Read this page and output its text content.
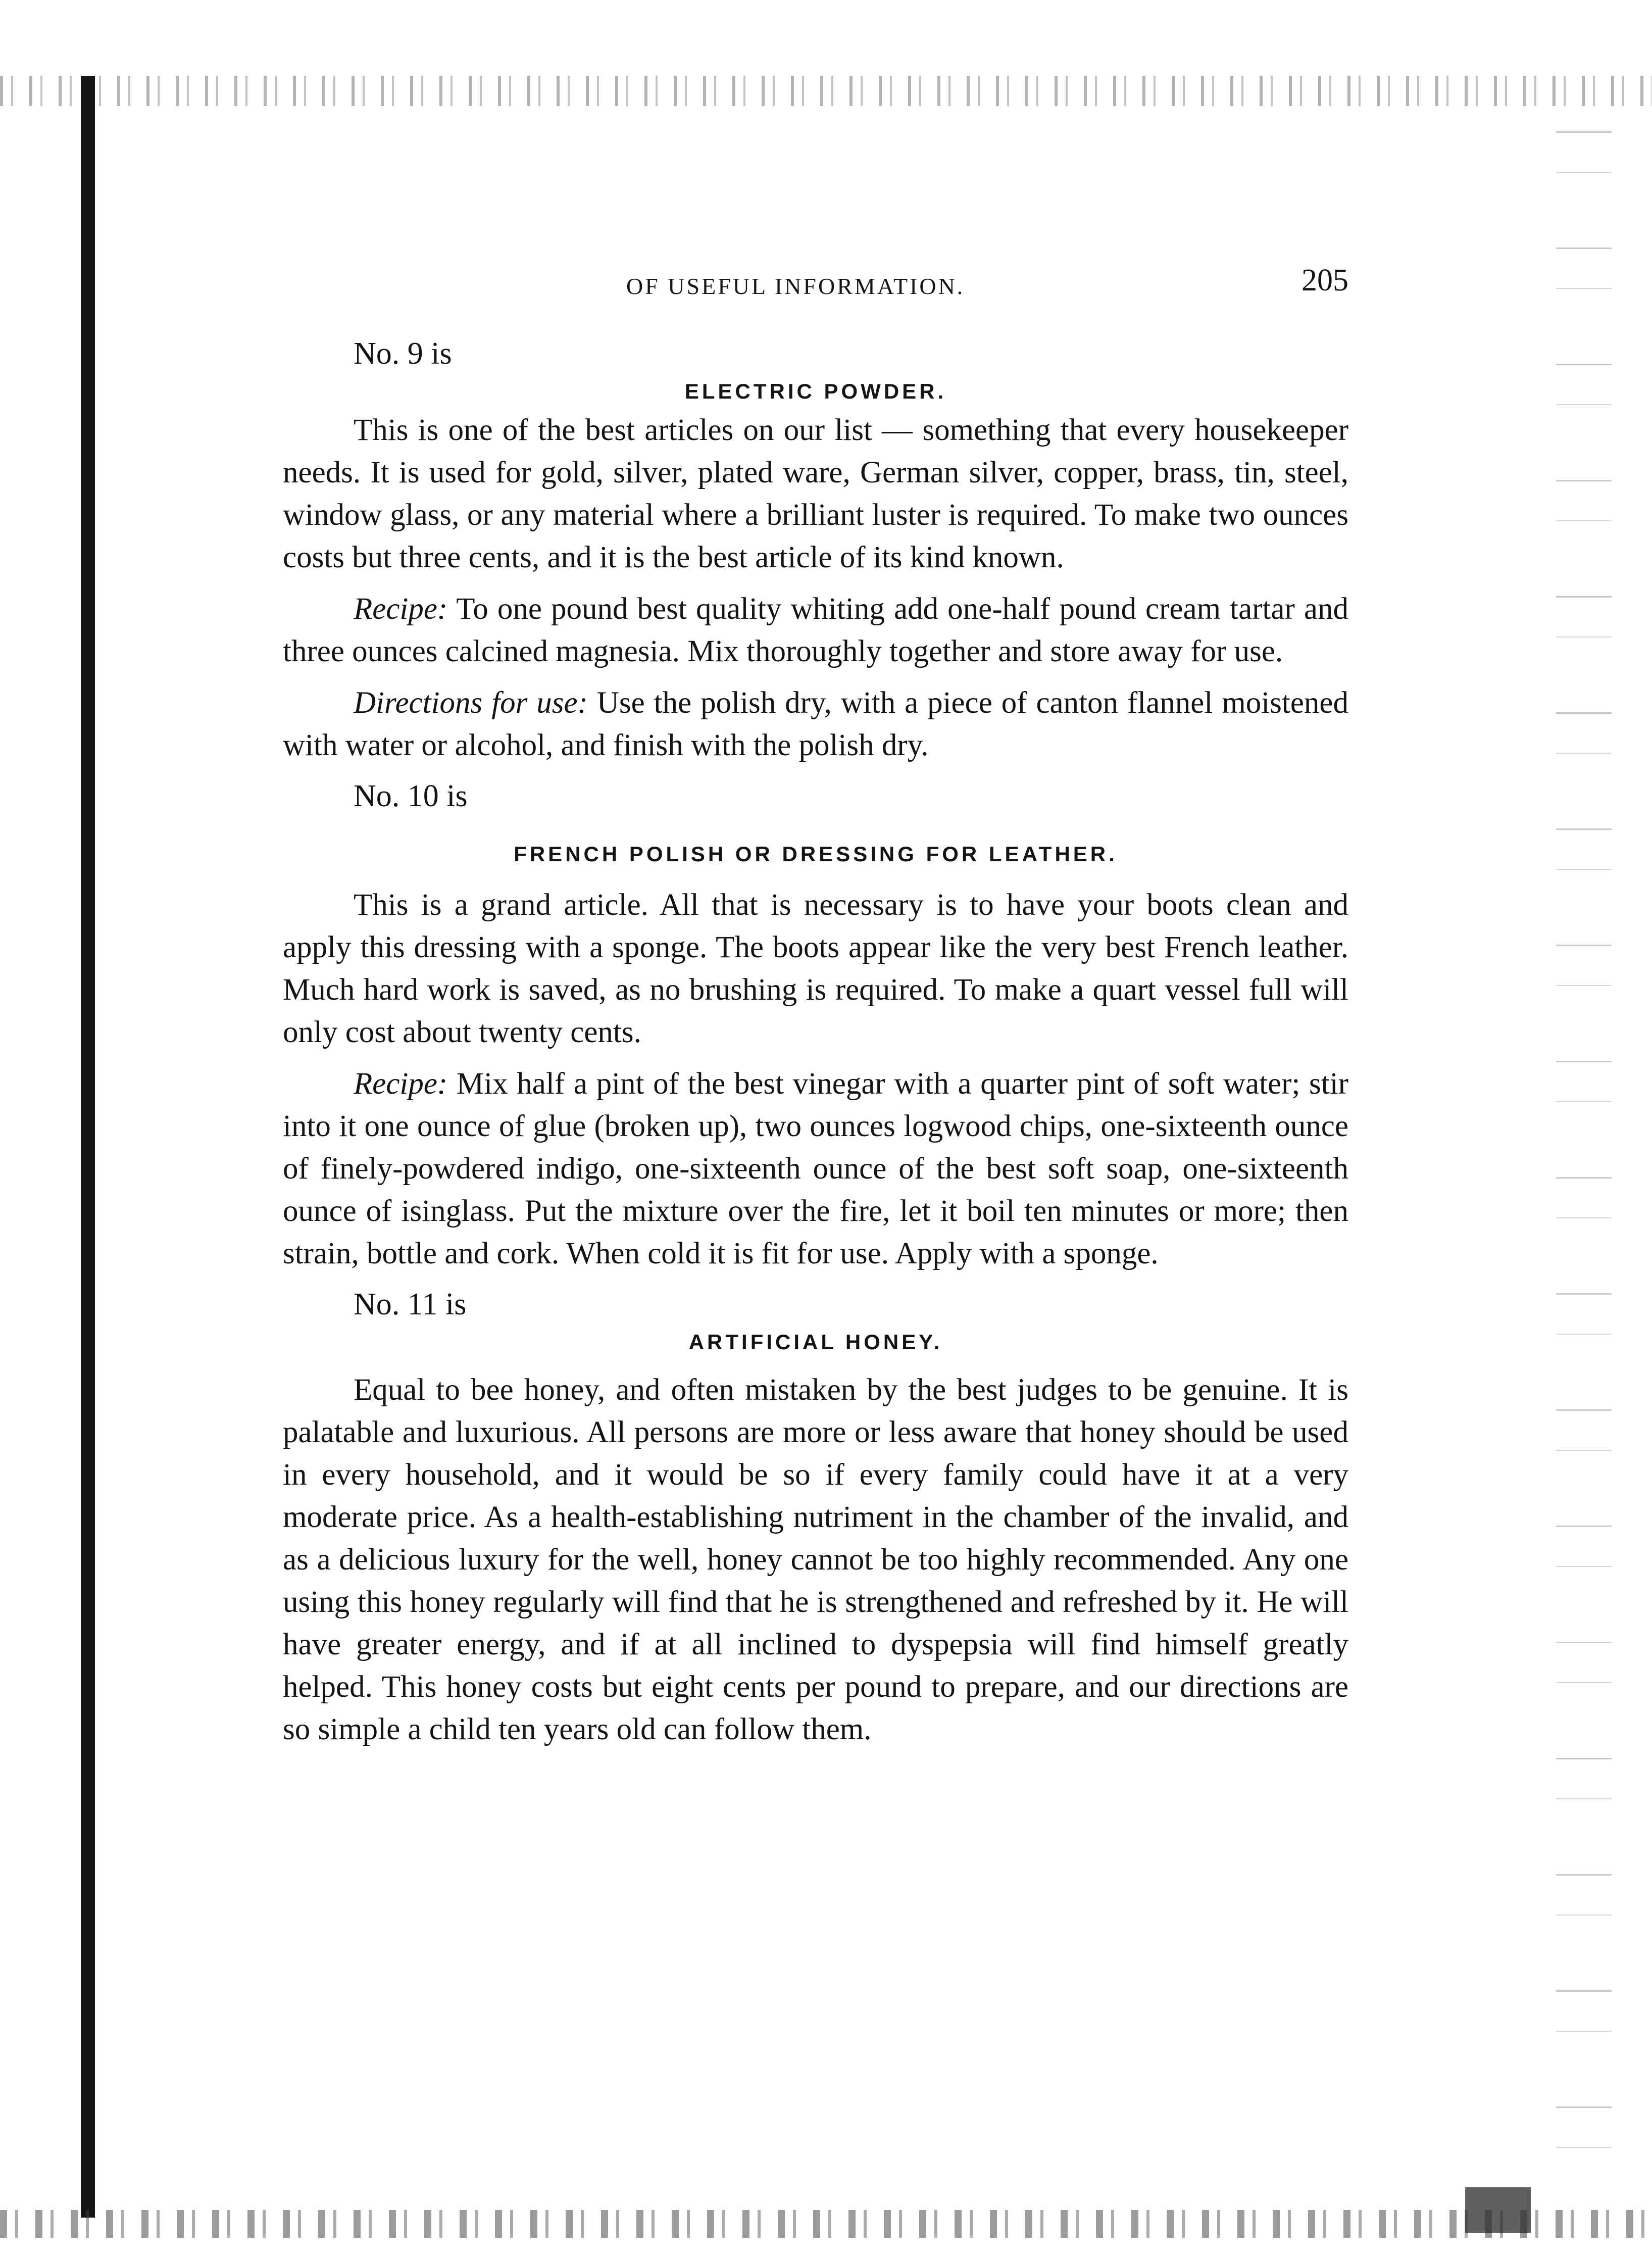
OF USEFUL INFORMATION.	205
No. 9 is
ELECTRIC POWDER.

This is one of the best articles on our list — something that every housekeeper needs. It is used for gold, silver, plated ware, German silver, copper, brass, tin, steel, window glass, or any material where a brilliant luster is required. To make two ounces costs but three cents, and it is the best article of its kind known.

Recipe: To one pound best quality whiting add one-half pound cream tartar and three ounces calcined magnesia. Mix thoroughly together and store away for use.

Directions for use: Use the polish dry, with a piece of canton flannel moistened with water or alcohol, and finish with the polish dry.

No. 10 is
FRENCH POLISH OR DRESSING FOR LEATHER.

This is a grand article. All that is necessary is to have your boots clean and apply this dressing with a sponge. The boots appear like the very best French leather. Much hard work is saved, as no brushing is required. To make a quart vessel full will only cost about twenty cents.

Recipe: Mix half a pint of the best vinegar with a quarter pint of soft water; stir into it one ounce of glue (broken up), two ounces logwood chips, one-sixteenth ounce of finely-powdered indigo, one-sixteenth ounce of the best soft soap, one-sixteenth ounce of isinglass. Put the mixture over the fire, let it boil ten minutes or more; then strain, bottle and cork. When cold it is fit for use. Apply with a sponge.

No. 11 is
ARTIFICIAL HONEY.

Equal to bee honey, and often mistaken by the best judges to be genuine. It is palatable and luxurious. All persons are more or less aware that honey should be used in every household, and it would be so if every family could have it at a very moderate price. As a health-establishing nutriment in the chamber of the invalid, and as a delicious luxury for the well, honey cannot be too highly recommended. Any one using this honey regularly will find that he is strengthened and refreshed by it. He will have greater energy, and if at all inclined to dyspepsia will find himself greatly helped. This honey costs but eight cents per pound to prepare, and our directions are so simple a child ten years old can follow them.
